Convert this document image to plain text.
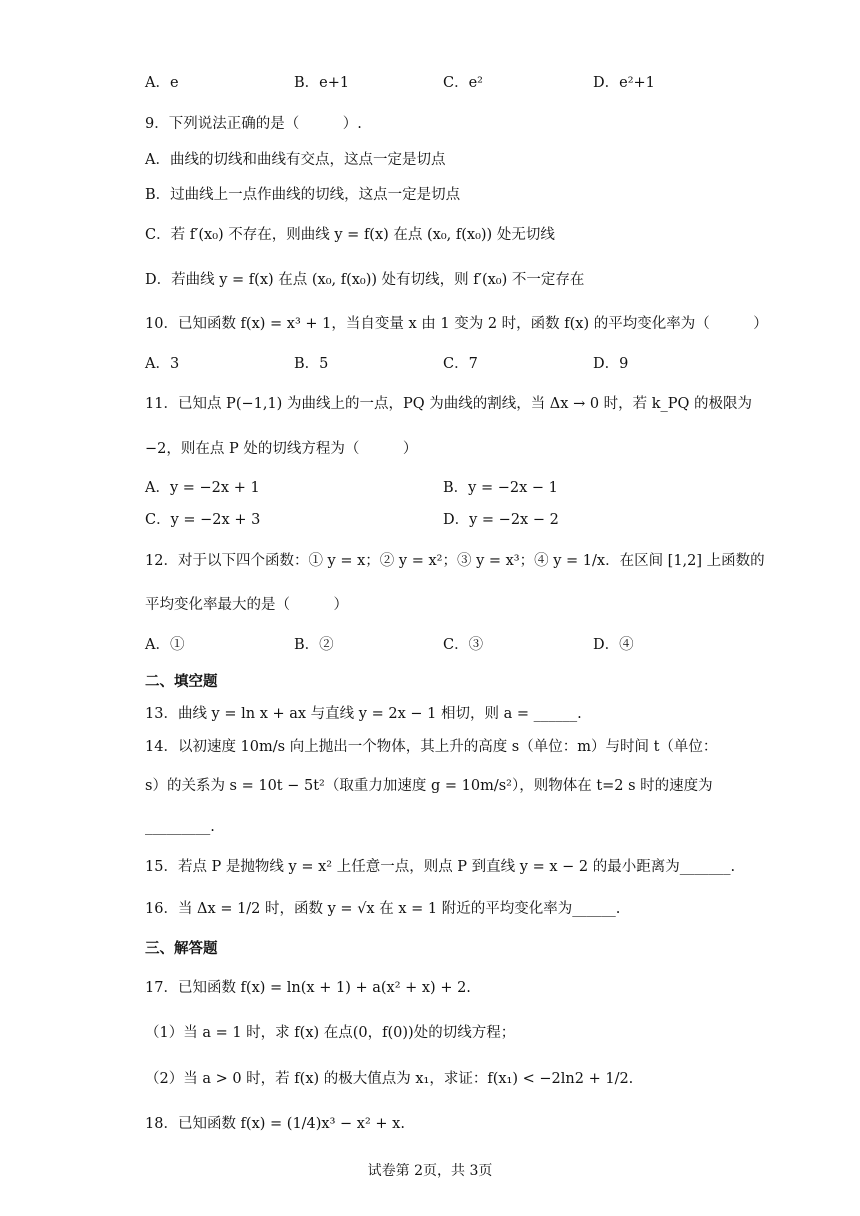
A．e	B．e+1	C．e²	D．e²+1
9．下列说法正确的是（　　　）.
A．曲线的切线和曲线有交点，这点一定是切点
B．过曲线上一点作曲线的切线，这点一定是切点
C．若 f′(x₀) 不存在，则曲线 y = f(x) 在点 (x₀, f(x₀)) 处无切线
D．若曲线 y = f(x) 在点 (x₀, f(x₀)) 处有切线，则 f′(x₀) 不一定存在
10．已知函数 f(x) = x³ + 1，当自变量 x 由 1 变为 2 时，函数 f(x) 的平均变化率为（　　　）
A．3	B．5	C．7	D．9
11．已知点 P(−1,1) 为曲线上的一点，PQ 为曲线的割线，当 Δx → 0 时，若 k_PQ 的极限为
−2，则在点 P 处的切线方程为（　　　）
A．y = −2x + 1	B．y = −2x − 1
C．y = −2x + 3	D．y = −2x − 2
12．对于以下四个函数：① y = x；② y = x²；③ y = x³；④ y = 1/x．在区间 [1,2] 上函数的
平均变化率最大的是（　　　）
A．①	B．②	C．③	D．④
二、填空题
13．曲线 y = ln x + ax 与直线 y = 2x − 1 相切，则 a = ______.
14．以初速度 10m/s 向上抛出一个物体，其上升的高度 s（单位：m）与时间 t（单位：
s）的关系为 s = 10t − 5t²（取重力加速度 g = 10m/s²），则物体在 t=2 s 时的速度为
_________.
15．若点 P 是抛物线 y = x² 上任意一点，则点 P 到直线 y = x − 2 的最小距离为_______.
16．当 Δx = 1/2 时，函数 y = √x 在 x = 1 附近的平均变化率为______.
三、解答题
17．已知函数 f(x) = ln(x + 1) + a(x² + x) + 2.
（1）当 a = 1 时，求 f(x) 在点(0，f(0))处的切线方程；
（2）当 a > 0 时，若 f(x) 的极大值点为 x₁，求证：f(x₁) < −2ln2 + 1/2.
18．已知函数 f(x) = (1/4)x³ − x² + x.
试卷第 2页，共 3页
